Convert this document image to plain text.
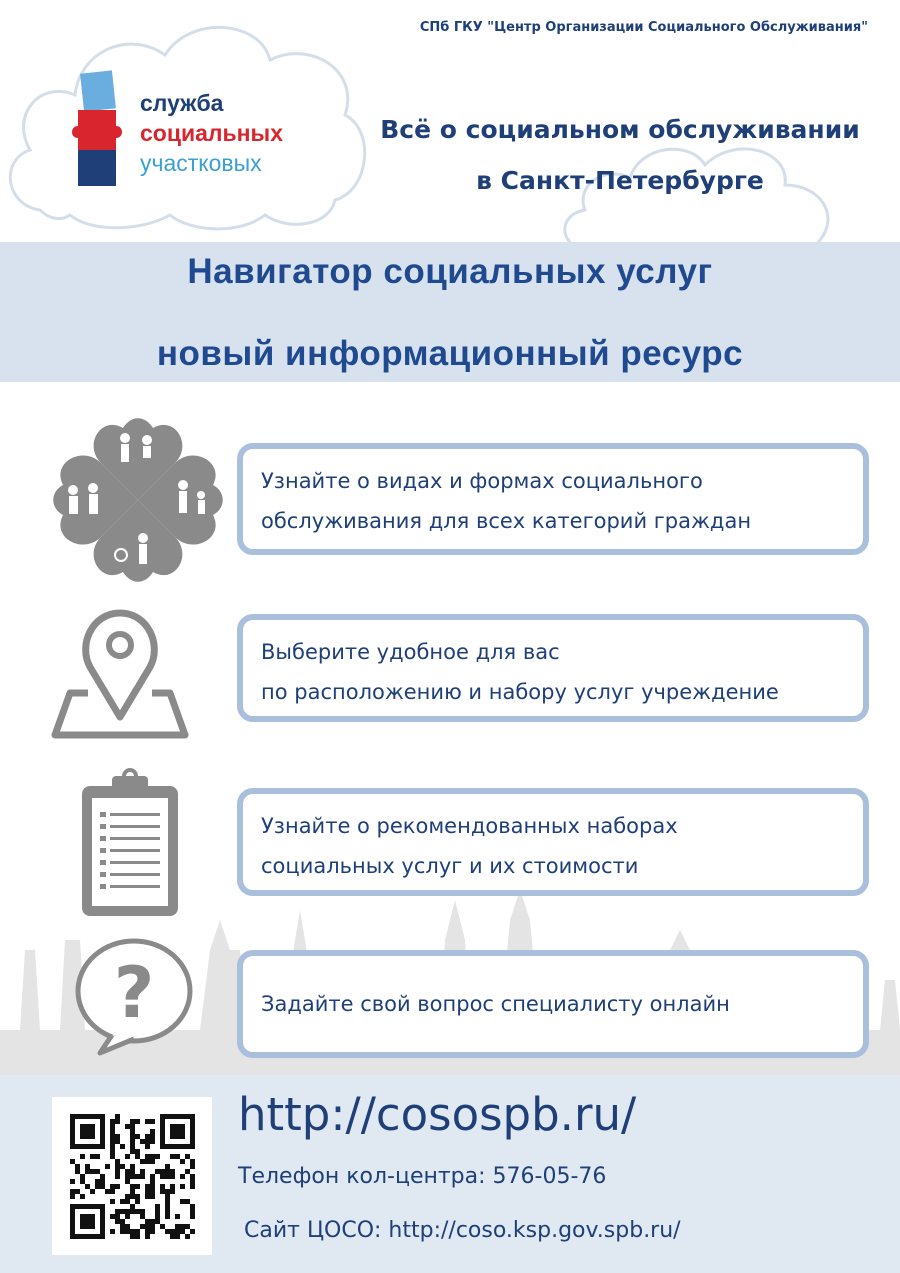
СПб ГКУ "Центр Организации Социального Обслуживания"
служба
социальных
участковых
Всё о социальном обслуживании
в Санкт-Петербурге
Навигатор социальных услуг
новый информационный ресурс
Узнайте о видах и формах социального
обслуживания для всех категорий граждан
Выберите удобное для вас
по расположению и набору услуг учреждение
Узнайте о рекомендованных наборах
социальных услуг и их стоимости
?	Задайте свой вопрос специалисту онлайн
http://cosospb.ru/
Телефон кол-центра: 576-05-76
Сайт ЦОСО: http://coso.ksp.gov.spb.ru/
